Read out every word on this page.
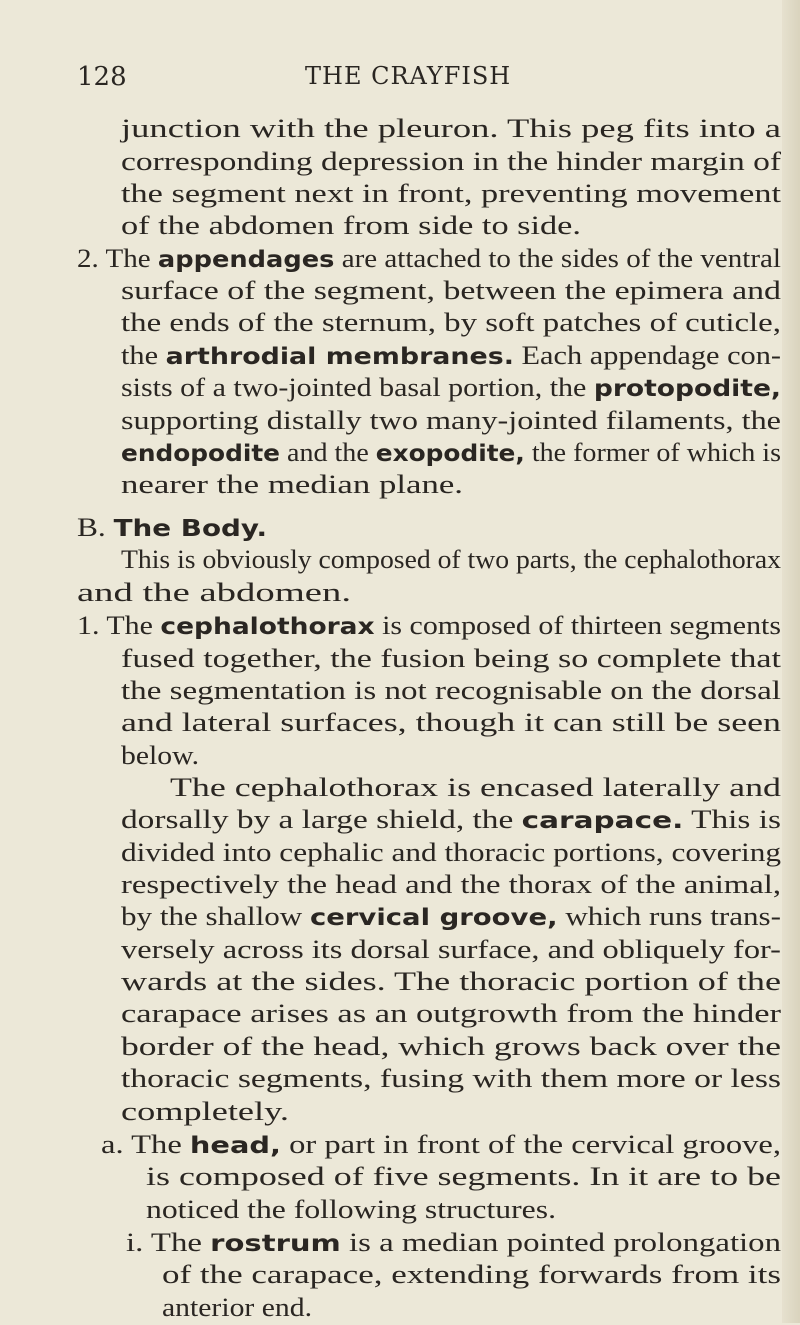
128	THE CRAYFISH
junction with the pleuron. This peg fits into a
corresponding depression in the hinder margin of
the segment next in front, preventing movement
of the abdomen from side to side.
2. The appendages are attached to the sides of the ventral
surface of the segment, between the epimera and
the ends of the sternum, by soft patches of cuticle,
the arthrodial membranes. Each appendage con-
sists of a two-jointed basal portion, the protopodite,
supporting distally two many-jointed filaments, the
endopodite and the exopodite, the former of which is
nearer the median plane.
B. The Body.
This is obviously composed of two parts, the cephalothorax
and the abdomen.
1. The cephalothorax is composed of thirteen segments
fused together, the fusion being so complete that
the segmentation is not recognisable on the dorsal
and lateral surfaces, though it can still be seen
below.
The cephalothorax is encased laterally and
dorsally by a large shield, the carapace. This is
divided into cephalic and thoracic portions, covering
respectively the head and the thorax of the animal,
by the shallow cervical groove, which runs trans-
versely across its dorsal surface, and obliquely for-
wards at the sides. The thoracic portion of the
carapace arises as an outgrowth from the hinder
border of the head, which grows back over the
thoracic segments, fusing with them more or less
completely.
a. The head, or part in front of the cervical groove,
is composed of five segments. In it are to be
noticed the following structures.
i. The rostrum is a median pointed prolongation
of the carapace, extending forwards from its
anterior end.
